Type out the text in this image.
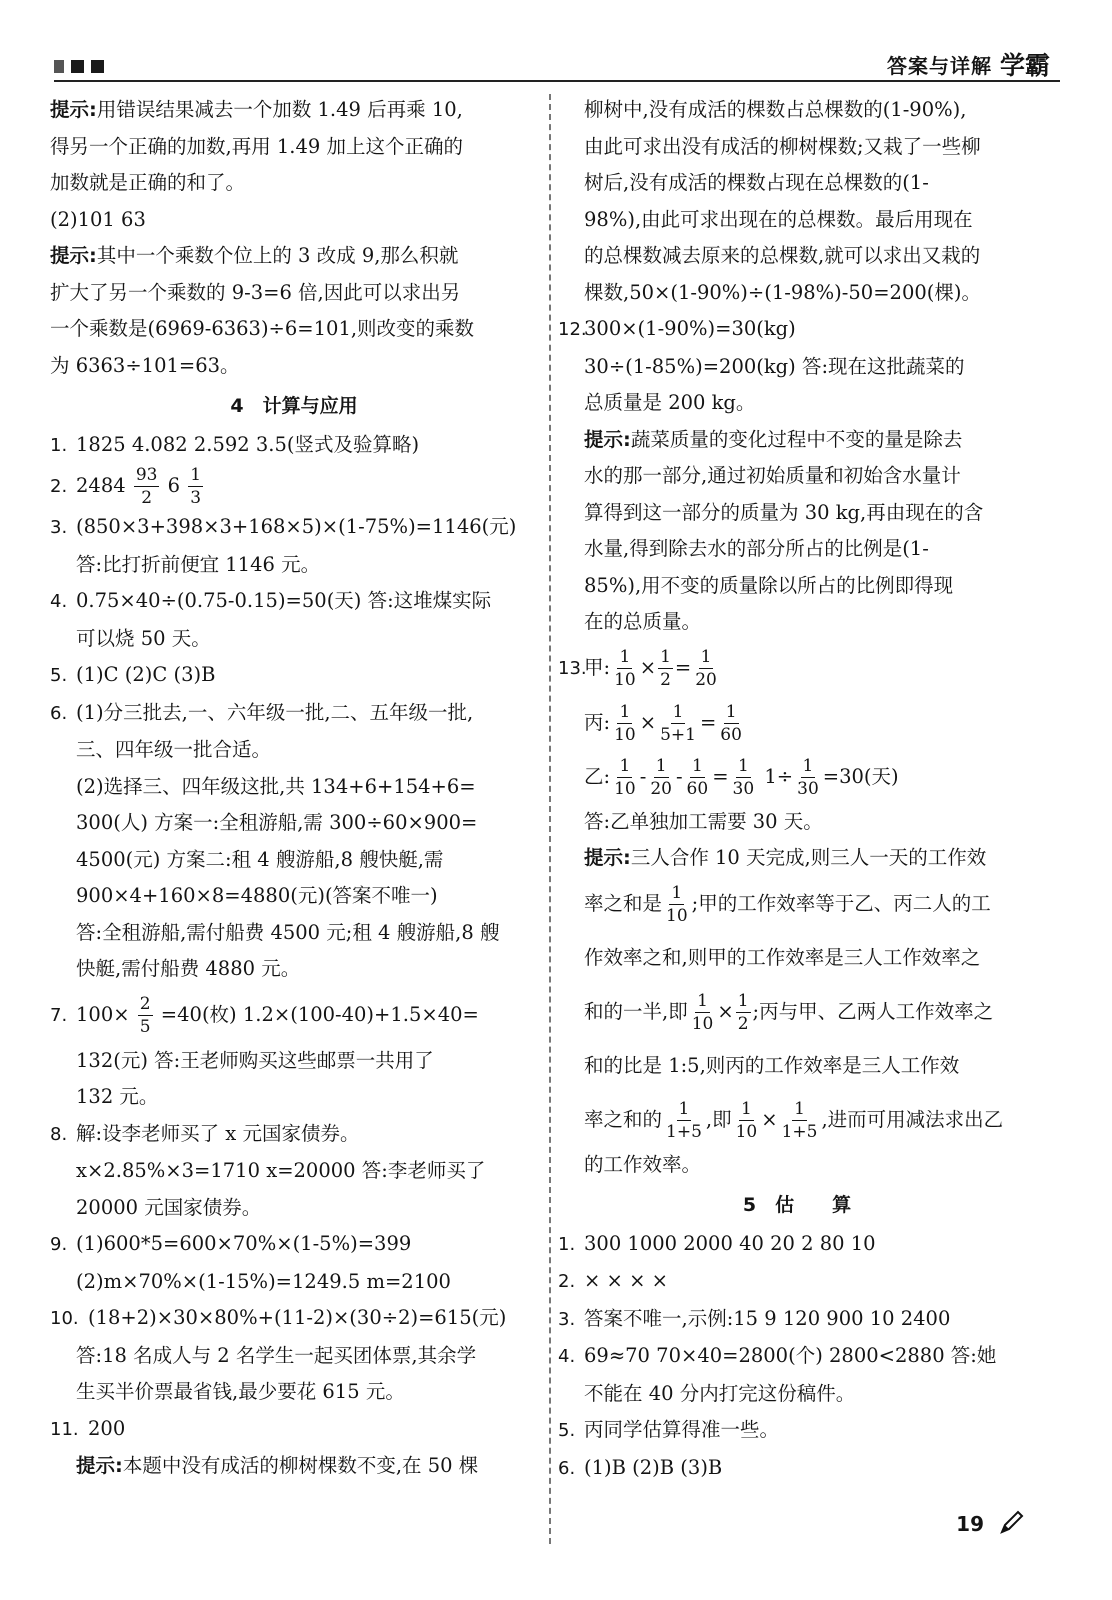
答案与详解 学霸
提示:用错误结果减去一个加数 1.49 后再乘 10,
得另一个正确的加数,再用 1.49 加上这个正确的
加数就是正确的和了。
(2)101 63
提示:其中一个乘数个位上的 3 改成 9,那么积就
扩大了另一个乘数的 9-3=6 倍,因此可以求出另
一个乘数是(6969-6363)÷6=101,则改变的乘数
为 6363÷101=63。
4　计算与应用
1. 1825 4.082 2.592 3.5(竖式及验算略)
2. $2484 \frac{93}{2} 6 \frac{1}{3}$
3. (850×3+398×3+168×5)×(1-75%)=1146(元)
答:比打折前便宜 1146 元。
4. 0.75×40÷(0.75-0.15)=50(天) 答:这堆煤实际
可以烧 50 天。
5. (1)C (2)C (3)B
6. (1)分三批去,一、六年级一批,二、五年级一批,
三、四年级一批合适。
(2)选择三、四年级这批,共 134+6+154+6=
300(人) 方案一:全租游船,需 300÷60×900=
4500(元) 方案二:租 4 艘游船,8 艘快艇,需
900×4+160×8=4880(元)(答案不唯一)
答:全租游船,需付船费 4500 元;租 4 艘游船,8 艘
快艇,需付船费 4880 元。
7. $100\times \frac{2}{5} =40$(枚) 1.2×(100-40)+1.5×40=
132(元) 答:王老师购买这些邮票一共用了
132 元。
8. 解:设李老师买了 x 元国家债券。
x×2.85%×3=1710 x=20000 答:李老师买了
20000 元国家债券。
9. (1)600*5=600×70%×(1-5%)=399
(2)m×70%×(1-15%)=1249.5 m=2100
10. (18+2)×30×80%+(11-2)×(30÷2)=615(元)
答:18 名成人与 2 名学生一起买团体票,其余学
生买半价票最省钱,最少要花 615 元。
11. 200
提示:本题中没有成活的柳树棵数不变,在 50 棵
柳树中,没有成活的棵数占总棵数的(1-90%),
由此可求出没有成活的柳树棵数;又栽了一些柳
树后,没有成活的棵数占现在总棵数的(1-
98%),由此可求出现在的总棵数。最后用现在
的总棵数减去原来的总棵数,就可以求出又栽的
棵数,50×(1-90%)÷(1-98%)-50=200(棵)。
12.300×(1-90%)=30(kg)
30÷(1-85%)=200(kg) 答:现在这批蔬菜的
总质量是 200 kg。
提示:蔬菜质量的变化过程中不变的量是除去
水的那一部分,通过初始质量和初始含水量计
算得到这一部分的质量为 30 kg,再由现在的含
水量,得到除去水的部分所占的比例是(1-
85%),用不变的质量除以所占的比例即得现
在的总质量。
13.甲: $\frac{1}{10} \times \frac{1}{2} = \frac{1}{20}$
丙: $\frac{1}{10} \times \frac{1}{5+1} = \frac{1}{60}$
乙: $\frac{1}{10} - \frac{1}{20} - \frac{1}{60} = \frac{1}{30} 1\div \frac{1}{30} =30$(天)
答:乙单独加工需要 30 天。
提示:三人合作 10 天完成,则三人一天的工作效
率之和是 $\frac{1}{10}$ ;甲的工作效率等于乙、丙二人的工
作效率之和,则甲的工作效率是三人工作效率之
和的一半,即 $\frac{1}{10} \times \frac{1}{2}$ ;丙与甲、乙两人工作效率之
和的比是 1:5,则丙的工作效率是三人工作效
率之和的 $\frac{1}{1+5}$ ,即 $\frac{1}{10} \times \frac{1}{1+5}$ ,进而可用减法求出乙
的工作效率。
5　估　　算
1. 300 1000 2000 40 20 2 80 10
2. × × × ×
3. 答案不唯一,示例:15 9 120 900 10 2400
4. 69≈70 70×40=2800(个) 2800<2880 答:她
不能在 40 分内打完这份稿件。
5. 丙同学估算得准一些。
6. (1)B (2)B (3)B
19
